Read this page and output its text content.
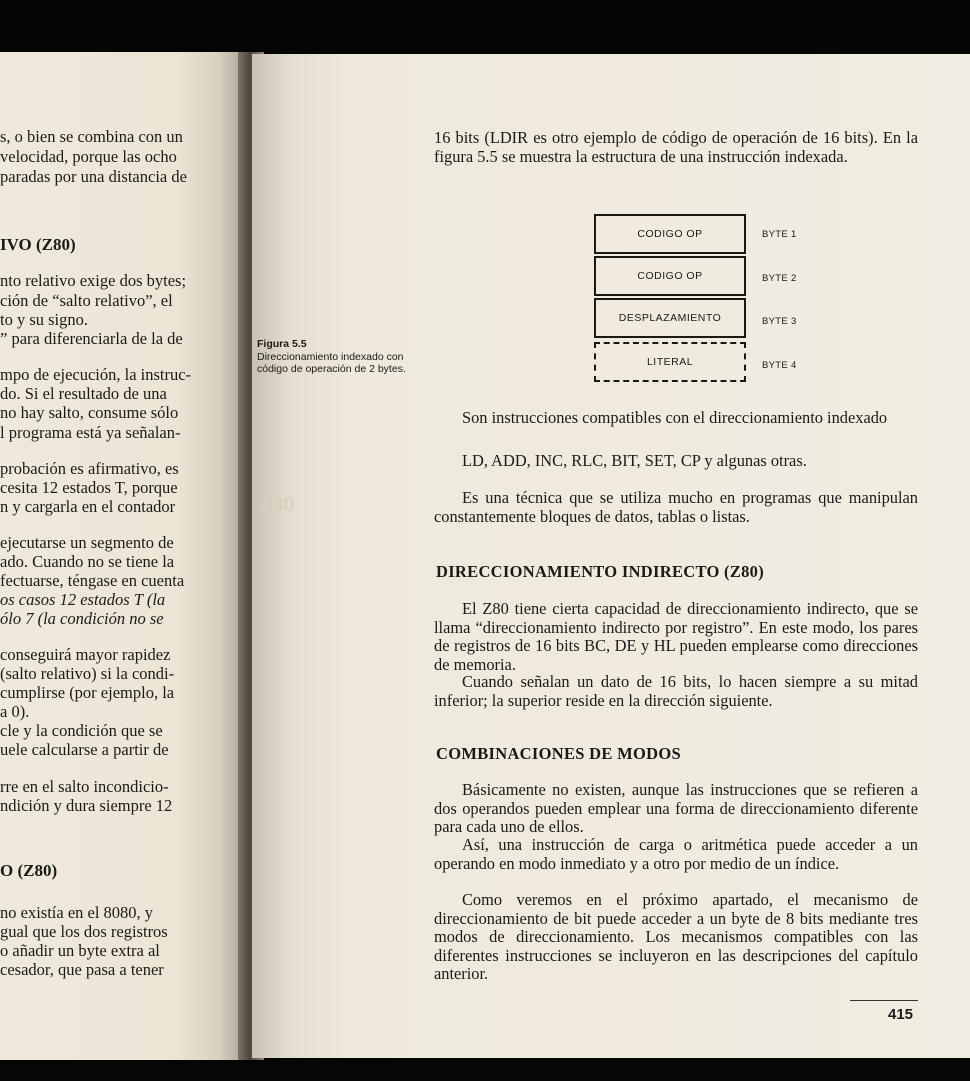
s, o bien se combina con un

velocidad, porque las ocho

paradas por una distancia de

IVO (Z80)

nto relativo exige dos bytes;

ción de “salto relativo”, el

to y su signo.

” para diferenciarla de la de

mpo de ejecución, la instruc-

do. Si el resultado de una

no hay salto, consume sólo

l programa está ya señalan-

probación es afirmativo, es

cesita 12 estados T, porque

n y cargarla en el contador

ejecutarse un segmento de

ado. Cuando no se tiene la

fectuarse, téngase en cuenta

os casos 12 estados T (la

ólo 7 (la condición no se

conseguirá mayor rapidez

(salto relativo) si la condi-

cumplirse (por ejemplo, la

a 0).

cle y la condición que se

uele calcularse a partir de

rre en el salto incondicio-

ndición y dura siempre 12

O (Z80)

no existía en el 8080, y

gual que los dos registros

o añadir un byte extra al

cesador, que pasa a tener

Z80

16 bits (LDIR es otro ejemplo de código de operación de 16 bits). En la figura 5.5 se muestra la estructura de una instrucción indexada.

Figura 5.5
Direccionamiento indexado con código de operación de 2 bytes.

CODIGO OP
CODIGO OP
DESPLAZAMIENTO
LITERAL
BYTE 1
BYTE 2
BYTE 3
BYTE 4

Son instrucciones compatibles con el direccionamiento indexado

LD, ADD, INC, RLC, BIT, SET, CP y algunas otras.

Es una técnica que se utiliza mucho en programas que manipulan constantemente bloques de datos, tablas o listas.

DIRECCIONAMIENTO INDIRECTO (Z80)

El Z80 tiene cierta capacidad de direccionamiento indirecto, que se llama “direccionamiento indirecto por registro”. En este modo, los pares de registros de 16 bits BC, DE y HL pueden emplearse como direcciones de memoria.

Cuando señalan un dato de 16 bits, lo hacen siempre a su mitad inferior; la superior reside en la dirección siguiente.

COMBINACIONES DE MODOS

Básicamente no existen, aunque las instrucciones que se refieren a dos operandos pueden emplear una forma de direccionamiento diferente para cada uno de ellos.

Así, una instrucción de carga o aritmética puede acceder a un operando en modo inmediato y a otro por medio de un índice.

Como veremos en el próximo apartado, el mecanismo de direccionamiento de bit puede acceder a un byte de 8 bits mediante tres modos de direccionamiento. Los mecanismos compatibles con las diferentes instrucciones se incluyeron en las descripciones del capítulo anterior.

415
